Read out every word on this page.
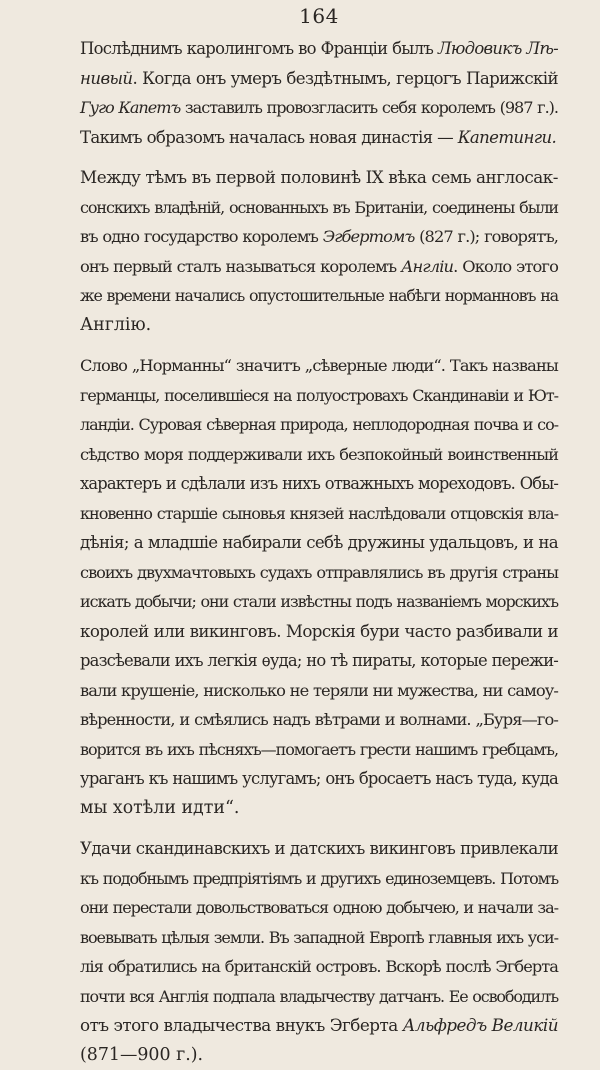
164

Послѣднимъ каролингомъ во Франціи былъ Людовикъ Лѣ-
нивый. Когда онъ умеръ бездѣтнымъ, герцогъ Парижскій
Гуго Капетъ заставилъ провозгласить себя королемъ (987 г.).
Такимъ образомъ началась новая династія — Капетинги.

Между тѣмъ въ первой половинѣ IX вѣка семь англосак-
сонскихъ владѣній, основанныхъ въ Британіи, соединены были
въ одно государство королемъ Эгбертомъ (827 г.); говорятъ,
онъ первый сталъ называться королемъ Англіи. Около этого
же времени начались опустошительные набѣги норманновъ на
Англію.

Слово „Норманны“ значитъ „сѣверные люди“. Такъ названы
германцы, поселившіеся на полуостровахъ Скандинавіи и Ют-
ландіи. Суровая сѣверная природа, неплодородная почва и со-
сѣдство моря поддерживали ихъ безпокойный воинственный
характеръ и сдѣлали изъ нихъ отважныхъ мореходовъ. Обы-
кновенно старшіе сыновья князей наслѣдовали отцовскія вла-
дѣнія; а младшіе набирали себѣ дружины удальцовъ, и на
своихъ двухмачтовыхъ судахъ отправлялись въ другія страны
искать добычи; они стали извѣстны подъ названіемъ морскихъ
королей или викинговъ. Морскія бури часто разбивали и
разсѣевали ихъ легкія ѳуда; но тѣ пираты, которые пережи-
вали крушеніе, нисколько не теряли ни мужества, ни самоу-
вѣренности, и смѣялись надъ вѣтрами и волнами. „Буря—го-
ворится въ ихъ пѣсняхъ—помогаетъ грести нашимъ гребцамъ,
ураганъ къ нашимъ услугамъ; онъ бросаетъ насъ туда, куда
мы хотѣли идти“.

Удачи скандинавскихъ и датскихъ викинговъ привлекали
къ подобнымъ предпріятіямъ и другихъ единоземцевъ. Потомъ
они перестали довольствоваться одною добычею, и начали за-
воевывать цѣлыя земли. Въ западной Европѣ главныя ихъ уси-
лія обратились на британскій островъ. Вскорѣ послѣ Эгберта
почти вся Англія подпала владычеству датчанъ. Ее освободилъ
отъ этого владычества внукъ Эгберта Альфредъ Великій
(871—900 г.).
